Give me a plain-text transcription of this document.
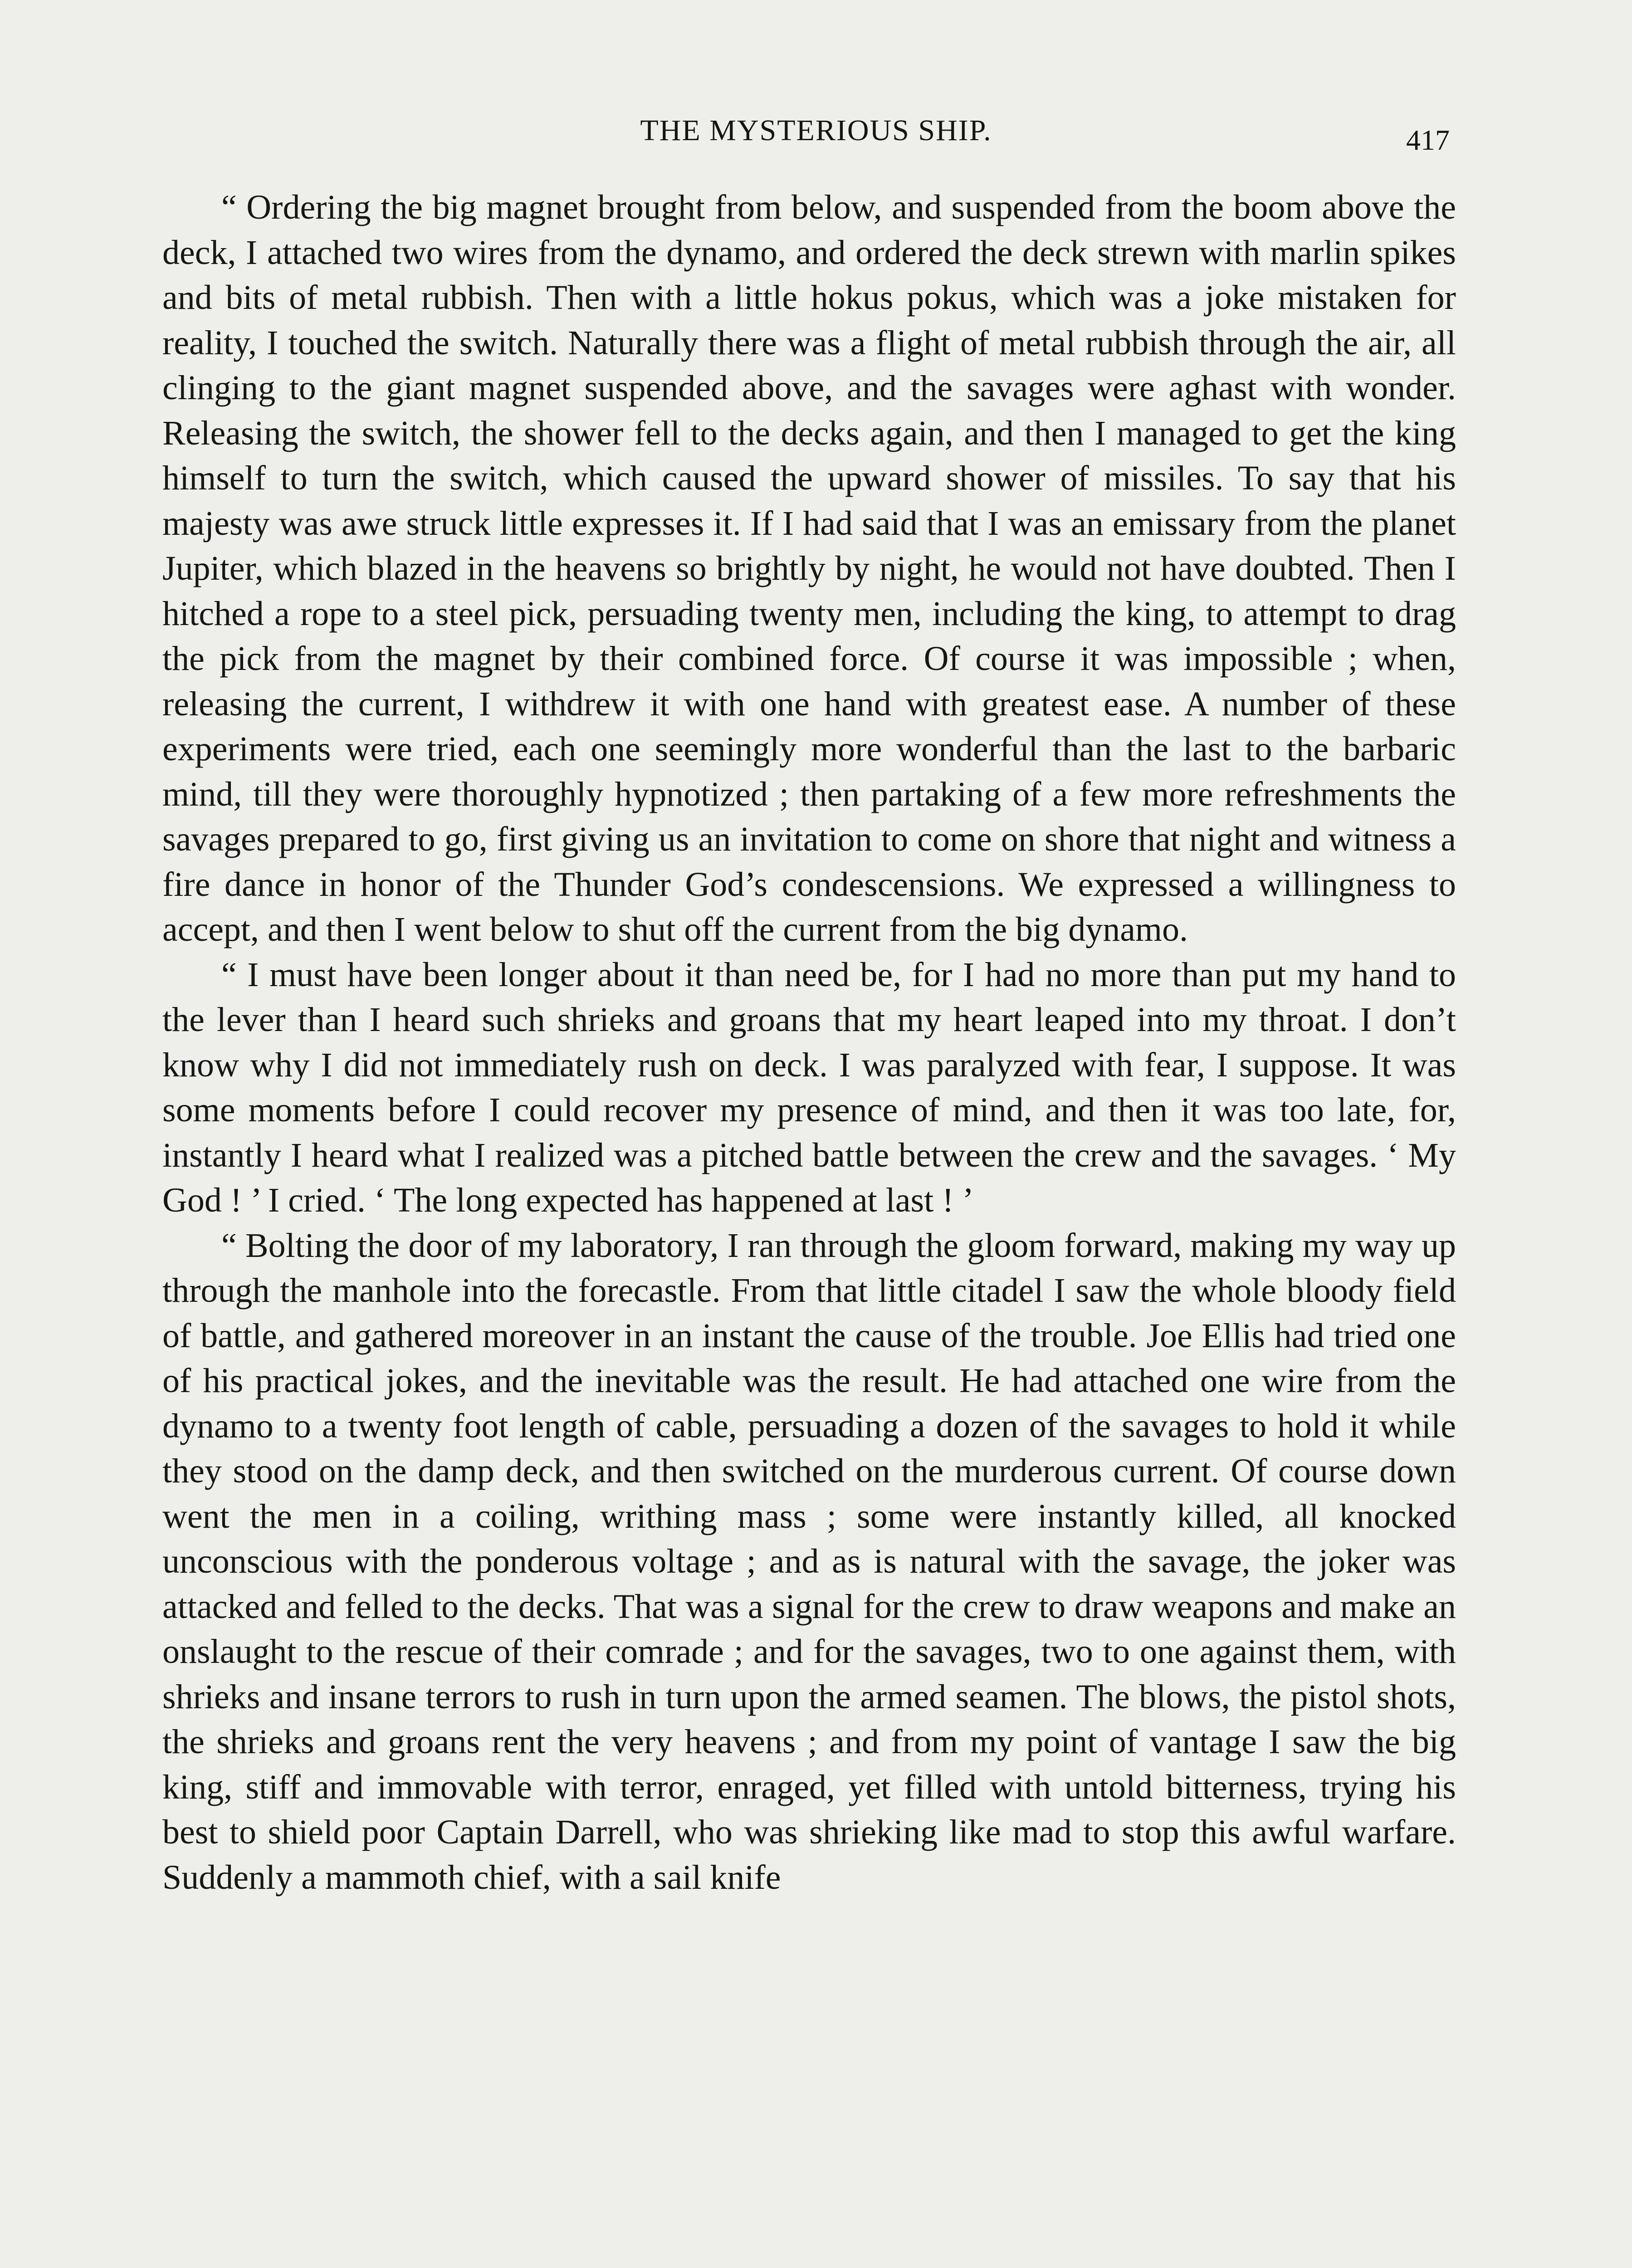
THE MYSTERIOUS SHIP.	417

“ Ordering the big magnet brought from below, and suspended from the boom above the deck, I attached two wires from the dynamo, and ordered the deck strewn with marlin spikes and bits of metal rubbish. Then with a little hokus pokus, which was a joke mistaken for reality, I touched the switch. Naturally there was a flight of metal rubbish through the air, all clinging to the giant magnet suspended above, and the savages were aghast with wonder. Releasing the switch, the shower fell to the decks again, and then I managed to get the king himself to turn the switch, which caused the upward shower of missiles. To say that his majesty was awe struck little expresses it. If I had said that I was an emissary from the planet Jupiter, which blazed in the heavens so brightly by night, he would not have doubted. Then I hitched a rope to a steel pick, persuading twenty men, including the king, to attempt to drag the pick from the magnet by their combined force. Of course it was impossible ; when, releasing the current, I withdrew it with one hand with greatest ease. A number of these experiments were tried, each one seemingly more wonderful than the last to the barbaric mind, till they were thoroughly hypnotized ; then partaking of a few more refreshments the savages prepared to go, first giving us an invitation to come on shore that night and witness a fire dance in honor of the Thunder God’s condescensions. We expressed a willingness to accept, and then I went below to shut off the current from the big dynamo.

“ I must have been longer about it than need be, for I had no more than put my hand to the lever than I heard such shrieks and groans that my heart leaped into my throat. I don’t know why I did not immediately rush on deck. I was paralyzed with fear, I suppose. It was some moments before I could recover my presence of mind, and then it was too late, for, instantly I heard what I realized was a pitched battle between the crew and the savages. ‘ My God ! ’ I cried. ‘ The long expected has happened at last ! ’

“ Bolting the door of my laboratory, I ran through the gloom forward, making my way up through the manhole into the forecastle. From that little citadel I saw the whole bloody field of battle, and gathered moreover in an instant the cause of the trouble. Joe Ellis had tried one of his practical jokes, and the inevitable was the result. He had attached one wire from the dynamo to a twenty foot length of cable, persuading a dozen of the savages to hold it while they stood on the damp deck, and then switched on the murderous current. Of course down went the men in a coiling, writhing mass ; some were instantly killed, all knocked unconscious with the ponderous voltage ; and as is natural with the savage, the joker was attacked and felled to the decks. That was a signal for the crew to draw weapons and make an onslaught to the rescue of their comrade ; and for the savages, two to one against them, with shrieks and insane terrors to rush in turn upon the armed seamen. The blows, the pistol shots, the shrieks and groans rent the very heavens ; and from my point of vantage I saw the big king, stiff and immovable with terror, enraged, yet filled with untold bitterness, trying his best to shield poor Captain Darrell, who was shrieking like mad to stop this awful warfare. Suddenly a mammoth chief, with a sail knife
